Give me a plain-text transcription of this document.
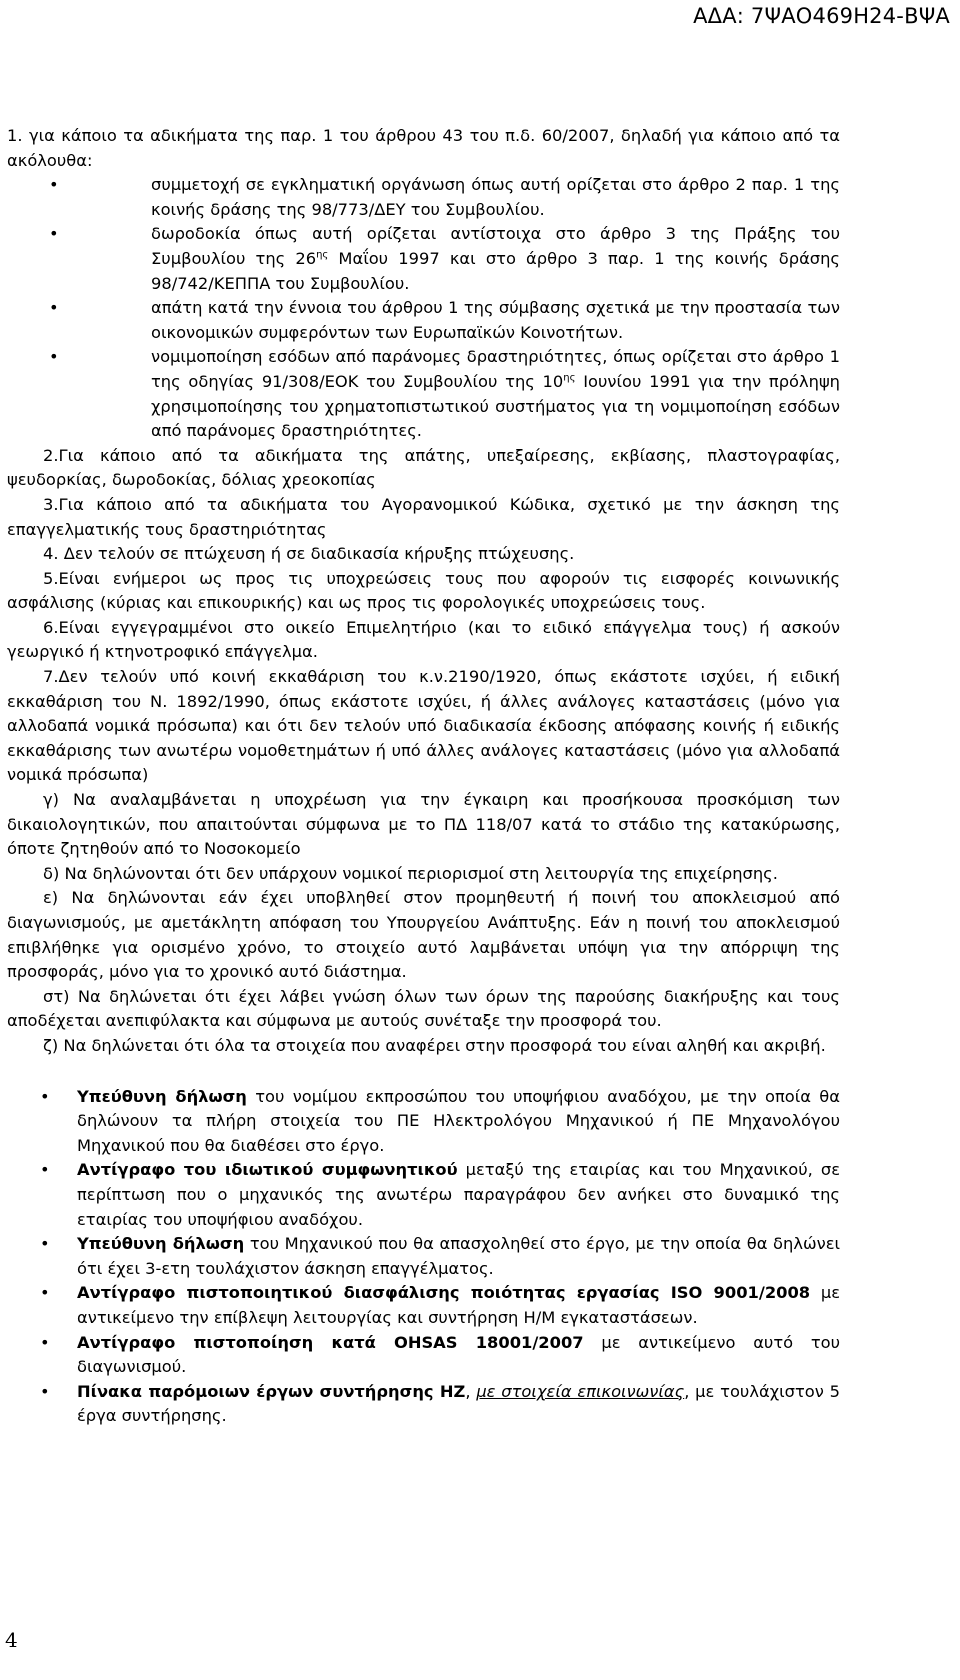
ΑΔΑ: 7ΨΑΟ469Η24-ΒΨΑ

1. για κάποιο τα αδικήματα της παρ. 1 του άρθρου 43 του π.δ. 60/2007, δηλαδή για κάποιο από τα ακόλουθα:

•	συμμετοχή σε εγκληματική οργάνωση όπως αυτή ορίζεται στο άρθρο 2 παρ. 1 της κοινής δράσης της 98/773/ΔΕΥ του Συμβουλίου.

•	δωροδοκία όπως αυτή ορίζεται αντίστοιχα στο άρθρο 3 της Πράξης του Συμβουλίου της $26^{\eta\varsigma}$ Μαΐου 1997 και στο άρθρο 3 παρ. 1 της κοινής δράσης 98/742/ΚΕΠΠΑ του Συμβουλίου.

•	απάτη κατά την έννοια του άρθρου 1 της σύμβασης σχετικά με την προστασία των οικονομικών συμφερόντων των Ευρωπαϊκών Κοινοτήτων.

•	νομιμοποίηση εσόδων από παράνομες δραστηριότητες, όπως ορίζεται στο άρθρο 1 της οδηγίας 91/308/ΕΟΚ του Συμβουλίου της $10^{\eta\varsigma}$ Ιουνίου 1991 για την πρόληψη χρησιμοποίησης του χρηματοπιστωτικού συστήματος για τη νομιμοποίηση εσόδων από παράνομες δραστηριότητες.

2.Για κάποιο από τα αδικήματα της απάτης, υπεξαίρεσης, εκβίασης, πλαστογραφίας, ψευδορκίας, δωροδοκίας, δόλιας χρεοκοπίας

3.Για κάποιο από τα αδικήματα του Αγορανομικού Κώδικα, σχετικό με την άσκηση της επαγγελματικής τους δραστηριότητας

4. Δεν τελούν σε πτώχευση ή σε διαδικασία κήρυξης πτώχευσης.

5.Είναι ενήμεροι ως προς τις υποχρεώσεις τους που αφορούν τις εισφορές κοινωνικής ασφάλισης (κύριας και επικουρικής) και ως προς τις φορολογικές υποχρεώσεις τους.

6.Είναι εγγεγραμμένοι στο οικείο Επιμελητήριο (και το ειδικό επάγγελμα τους) ή ασκούν γεωργικό ή κτηνοτροφικό επάγγελμα.

7.Δεν τελούν υπό κοινή εκκαθάριση του κ.ν.2190/1920, όπως εκάστοτε ισχύει, ή ειδική εκκαθάριση του Ν. 1892/1990, όπως εκάστοτε ισχύει, ή άλλες ανάλογες καταστάσεις (μόνο για αλλοδαπά νομικά πρόσωπα) και ότι δεν τελούν υπό διαδικασία έκδοσης απόφασης κοινής ή ειδικής εκκαθάρισης των ανωτέρω νομοθετημάτων ή υπό άλλες ανάλογες καταστάσεις (μόνο για αλλοδαπά νομικά πρόσωπα)

γ) Να αναλαμβάνεται η υποχρέωση για την έγκαιρη και προσήκουσα προσκόμιση των δικαιολογητικών, που απαιτούνται σύμφωνα με το ΠΔ 118/07 κατά το στάδιο της κατακύρωσης, όποτε ζητηθούν από το Νοσοκομείο

δ) Να δηλώνονται ότι δεν υπάρχουν νομικοί περιορισμοί στη λειτουργία της επιχείρησης.

ε) Να δηλώνονται εάν έχει υποβληθεί στον προμηθευτή ή ποινή του αποκλεισμού από διαγωνισμούς, με αμετάκλητη απόφαση του Υπουργείου Ανάπτυξης. Εάν η ποινή του αποκλεισμού επιβλήθηκε για ορισμένο χρόνο, το στοιχείο αυτό λαμβάνεται υπόψη για την απόρριψη της προσφοράς, μόνο για το χρονικό αυτό διάστημα.

στ) Να δηλώνεται ότι έχει λάβει γνώση όλων των όρων της παρούσης διακήρυξης και τους αποδέχεται ανεπιφύλακτα και σύμφωνα με αυτούς συνέταξε την προσφορά του.

ζ) Να δηλώνεται ότι όλα τα στοιχεία που αναφέρει στην προσφορά του είναι αληθή και ακριβή.

• Υπεύθυνη δήλωση του νομίμου εκπροσώπου του υποψήφιου αναδόχου, με την οποία θα δηλώνουν τα πλήρη στοιχεία του ΠΕ Ηλεκτρολόγου Μηχανικού ή ΠΕ Μηχανολόγου Μηχανικού που θα διαθέσει στο έργο.
• Αντίγραφο του ιδιωτικού συμφωνητικού μεταξύ της εταιρίας και του Μηχανικού, σε περίπτωση που ο μηχανικός της ανωτέρω παραγράφου δεν ανήκει στο δυναμικό της εταιρίας του υποψήφιου αναδόχου.
• Υπεύθυνη δήλωση του Μηχανικού που θα απασχοληθεί στο έργο, με την οποία θα δηλώνει ότι έχει 3-ετη τουλάχιστον άσκηση επαγγέλματος.
• Αντίγραφο πιστοποιητικού διασφάλισης ποιότητας εργασίας ISO 9001/2008 με αντικείμενο την επίβλεψη λειτουργίας και συντήρηση Η/Μ εγκαταστάσεων.
• Αντίγραφο πιστοποίηση κατά OHSAS 18001/2007 με αντικείμενο αυτό του διαγωνισμού.
• Πίνακα παρόμοιων έργων συντήρησης ΗΖ, με στοιχεία επικοινωνίας, με τουλάχιστον 5 έργα συντήρησης.
4
